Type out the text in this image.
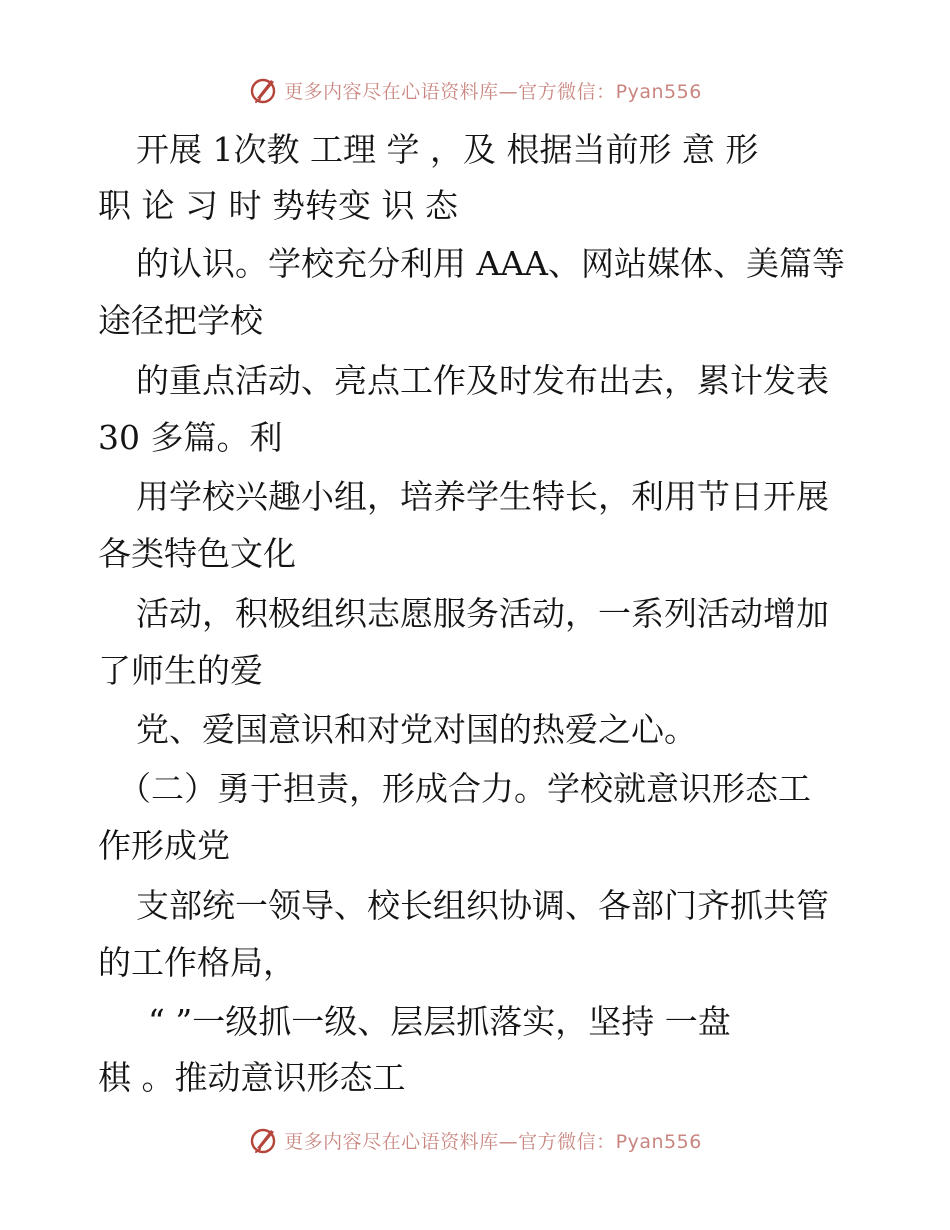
更多内容尽在心语资料库—官方微信：Pyan556
开展 1次教 工理 学 ，及 根据当前形 意 形
职 论 习 时 势转变 识 态
的认识。学校充分利用 AAA、网站媒体、美篇等
途径把学校
的重点活动、亮点工作及时发布出去，累计发表
30 多篇。利
用学校兴趣小组，培养学生特长，利用节日开展
各类特色文化
活动，积极组织志愿服务活动，一系列活动增加
了师生的爱
党、爱国意识和对党对国的热爱之心。
（二）勇于担责，形成合力。学校就意识形态工
作形成党
支部统一领导、校长组织协调、各部门齐抓共管
的工作格局，
“ ”一级抓一级、层层抓落实，坚持 一盘
棋 。推动意识形态工
更多内容尽在心语资料库—官方微信：Pyan556
